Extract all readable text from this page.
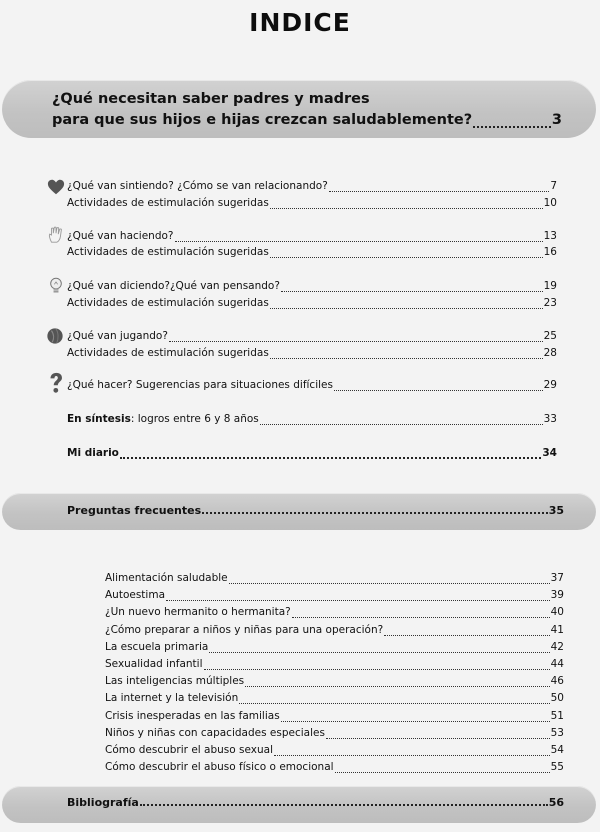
INDICE
¿Qué necesitan saber padres y madres
para que sus hijos e hijas crezcan saludablemente?	3
¿Qué van sintiendo? ¿Cómo se van relacionando?	7
Actividades de estimulación sugeridas	10
¿Qué van haciendo?	13
Actividades de estimulación sugeridas	16
¿Qué van diciendo?¿Qué van pensando?	19
Actividades de estimulación sugeridas	23
¿Qué van jugando?	25
Actividades de estimulación sugeridas	28
¿Qué hacer? Sugerencias para situaciones difíciles	29
En síntesis: logros entre 6 y 8 años	33
Mi diario	34
Preguntas frecuentes	35
Alimentación saludable	37
Autoestima	39
¿Un nuevo hermanito o hermanita?	40
¿Cómo preparar a niños y niñas para una operación?	41
La escuela primaria	42
Sexualidad infantil	44
Las inteligencias múltiples	46
La internet y la televisión	50
Crisis inesperadas en las familias	51
Niños y niñas con capacidades especiales	53
Cómo descubrir el abuso sexual	54
Cómo descubrir el abuso físico o emocional	55
Bibliografía	56
